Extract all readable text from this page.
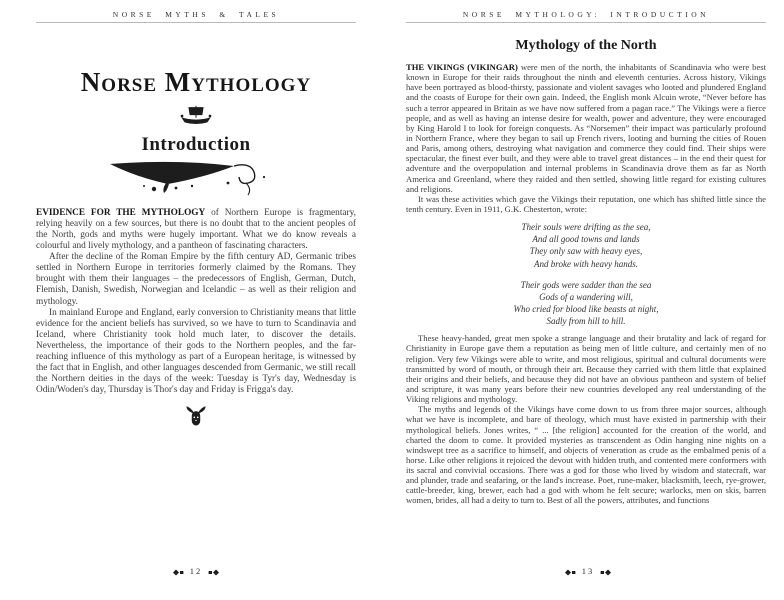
NORSE MYTHS & TALES
Norse Mythology
Introduction

EVIDENCE FOR THE MYTHOLOGY of Northern Europe is fragmentary, relying heavily on a few sources, but there is no doubt that to the ancient peoples of the North, gods and myths were hugely important. What we do know reveals a colourful and lively mythology, and a pantheon of fascinating characters.

After the decline of the Roman Empire by the fifth century AD, Germanic tribes settled in Northern Europe in territories formerly claimed by the Romans. They brought with them their languages – the predecessors of English, German, Dutch, Flemish, Danish, Swedish, Norwegian and Icelandic – as well as their religion and mythology.

In mainland Europe and England, early conversion to Christianity means that little evidence for the ancient beliefs has survived, so we have to turn to Scandinavia and Iceland, where Christianity took hold much later, to discover the details. Nevertheless, the importance of their gods to the Northern peoples, and the far-reaching influence of this mythology as part of a European heritage, is witnessed by the fact that in English, and other languages descended from Germanic, we still recall the Northern deities in the days of the week: Tuesday is Tyr's day, Wednesday is Odin/Woden's day, Thursday is Thor's day and Friday is Frigga's day.

12
NORSE MYTHOLOGY: INTRODUCTION
Mythology of the North

THE VIKINGS (VIKINGAR) were men of the north, the inhabitants of Scandinavia who were best known in Europe for their raids throughout the ninth and eleventh centuries. Across history, Vikings have been portrayed as blood-thirsty, passionate and violent savages who looted and plundered England and the coasts of Europe for their own gain. Indeed, the English monk Alcuin wrote, “Never before has such a terror appeared in Britain as we have now suffered from a pagan race.” The Vikings were a fierce people, and as well as having an intense desire for wealth, power and adventure, they were encouraged by King Harold I to look for foreign conquests. As “Norsemen” their impact was particularly profound in Northern France, where they began to sail up French rivers, looting and burning the cities of Rouen and Paris, among others, destroying what navigation and commerce they could find. Their ships were spectacular, the finest ever built, and they were able to travel great distances – in the end their quest for adventure and the overpopulation and internal problems in Scandinavia drove them as far as North America and Greenland, where they raided and then settled, showing little regard for existing cultures and religions.

It was these activities which gave the Vikings their reputation, one which has shifted little since the tenth century. Even in 1911, G.K. Chesterton, wrote:

Their souls were drifting as the sea,
And all good towns and lands
They only saw with heavy eyes,
And broke with heavy hands.
Their gods were sadder than the sea
Gods of a wandering will,
Who cried for blood like beasts at night,
Sadly from hill to hill.

These heavy-handed, great men spoke a strange language and their brutality and lack of regard for Christianity in Europe gave them a reputation as being men of little culture, and certainly men of no religion. Very few Vikings were able to write, and most religious, spiritual and cultural documents were transmitted by word of mouth, or through their art. Because they carried with them little that explained their origins and their beliefs, and because they did not have an obvious pantheon and system of belief and scripture, it was many years before their new countries developed any real understanding of the Viking religions and mythology.

The myths and legends of the Vikings have come down to us from three major sources, although what we have is incomplete, and bare of theology, which must have existed in partnership with their mythological beliefs. Jones writes, “ ... [the religion] accounted for the creation of the world, and charted the doom to come. It provided mysteries as transcendent as Odin hanging nine nights on a windswept tree as a sacrifice to himself, and objects of veneration as crude as the embalmed penis of a horse. Like other religions it rejoiced the devout with hidden truth, and contented mere conformers with its sacral and convivial occasions. There was a god for those who lived by wisdom and statecraft, war and plunder, trade and seafaring, or the land's increase. Poet, rune-maker, blacksmith, leech, rye-grower, cattle-breeder, king, brewer, each had a god with whom he felt secure; warlocks, men on skis, barren women, brides, all had a deity to turn to. Best of all the powers, attributes, and functions

13
